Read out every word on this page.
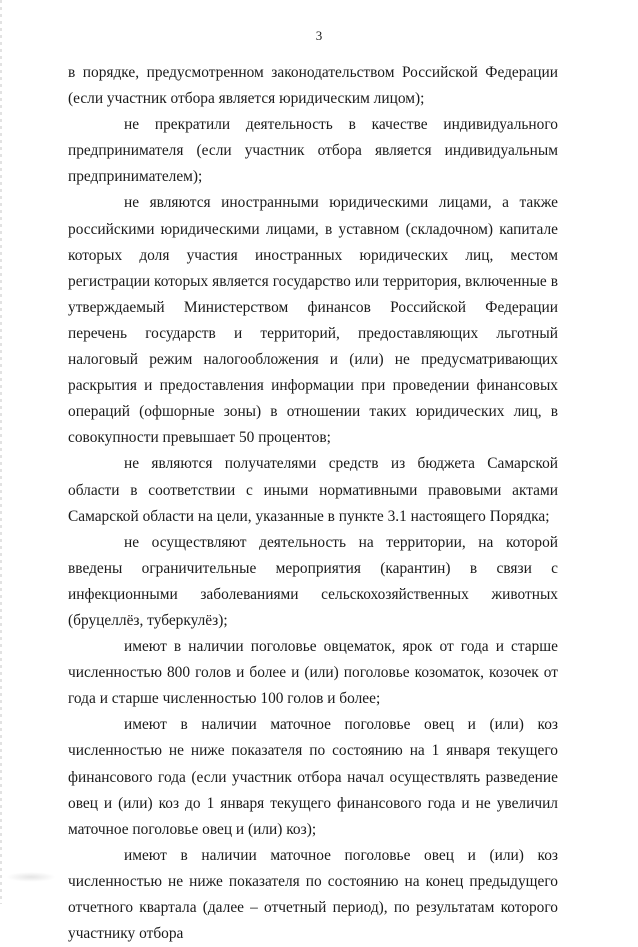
3

в порядке, предусмотренном законодательством Российской Федерации (если участник отбора является юридическим лицом);

не прекратили деятельность в качестве индивидуального предпринимателя (если участник отбора является индивидуальным предпринимателем);

не являются иностранными юридическими лицами, а также российскими юридическими лицами, в уставном (складочном) капитале которых доля участия иностранных юридических лиц, местом регистрации которых является государство или территория, включенные в утверждаемый Министерством финансов Российской Федерации перечень государств и территорий, предоставляющих льготный налоговый режим налогообложения и (или) не предусматривающих раскрытия и предоставления информации при проведении финансовых операций (офшорные зоны) в отношении таких юридических лиц, в совокупности превышает 50 процентов;

не являются получателями средств из бюджета Самарской области в соответствии с иными нормативными правовыми актами Самарской области на цели, указанные в пункте 3.1 настоящего Порядка;

не осуществляют деятельность на территории, на которой введены ограничительные мероприятия (карантин) в связи с инфекционными заболеваниями сельскохозяйственных животных (бруцеллёз, туберкулёз);

имеют в наличии поголовье овцематок, ярок от года и старше численностью 800 голов и более и (или) поголовье козоматок, козочек от года и старше численностью 100 голов и более;

имеют в наличии маточное поголовье овец и (или) коз численностью не ниже показателя по состоянию на 1 января текущего финансового года (если участник отбора начал осуществлять разведение овец и (или) коз до 1 января текущего финансового года и не увеличил маточное поголовье овец и (или) коз);

имеют в наличии маточное поголовье овец и (или) коз численностью не ниже показателя по состоянию на конец предыдущего отчетного квартала (далее – отчетный период), по результатам которого участнику отбора
